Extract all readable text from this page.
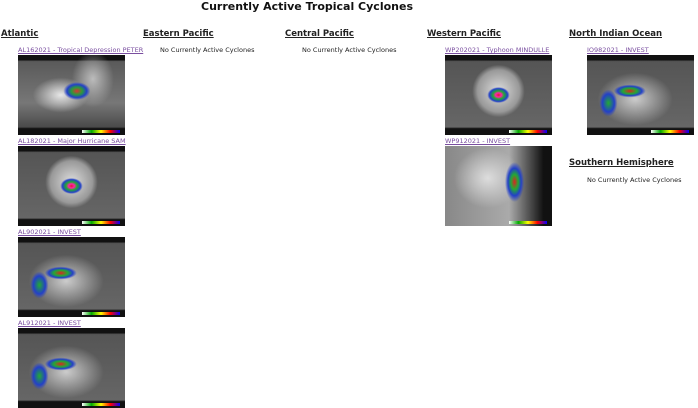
Currently Active Tropical Cyclones
Atlantic	Eastern Pacific	Central Pacific	Western Pacific	North Indian Ocean
Southern Hemisphere
No Currently Active Cyclones	No Currently Active Cyclones
No Currently Active Cyclones
AL162021 - Tropical Depression PETER
AL182021 - Major Hurricane SAM
AL902021 - INVEST
AL912021 - INVEST
WP202021 - Typhoon MINDULLE
WP912021 - INVEST
IO982021 - INVEST
